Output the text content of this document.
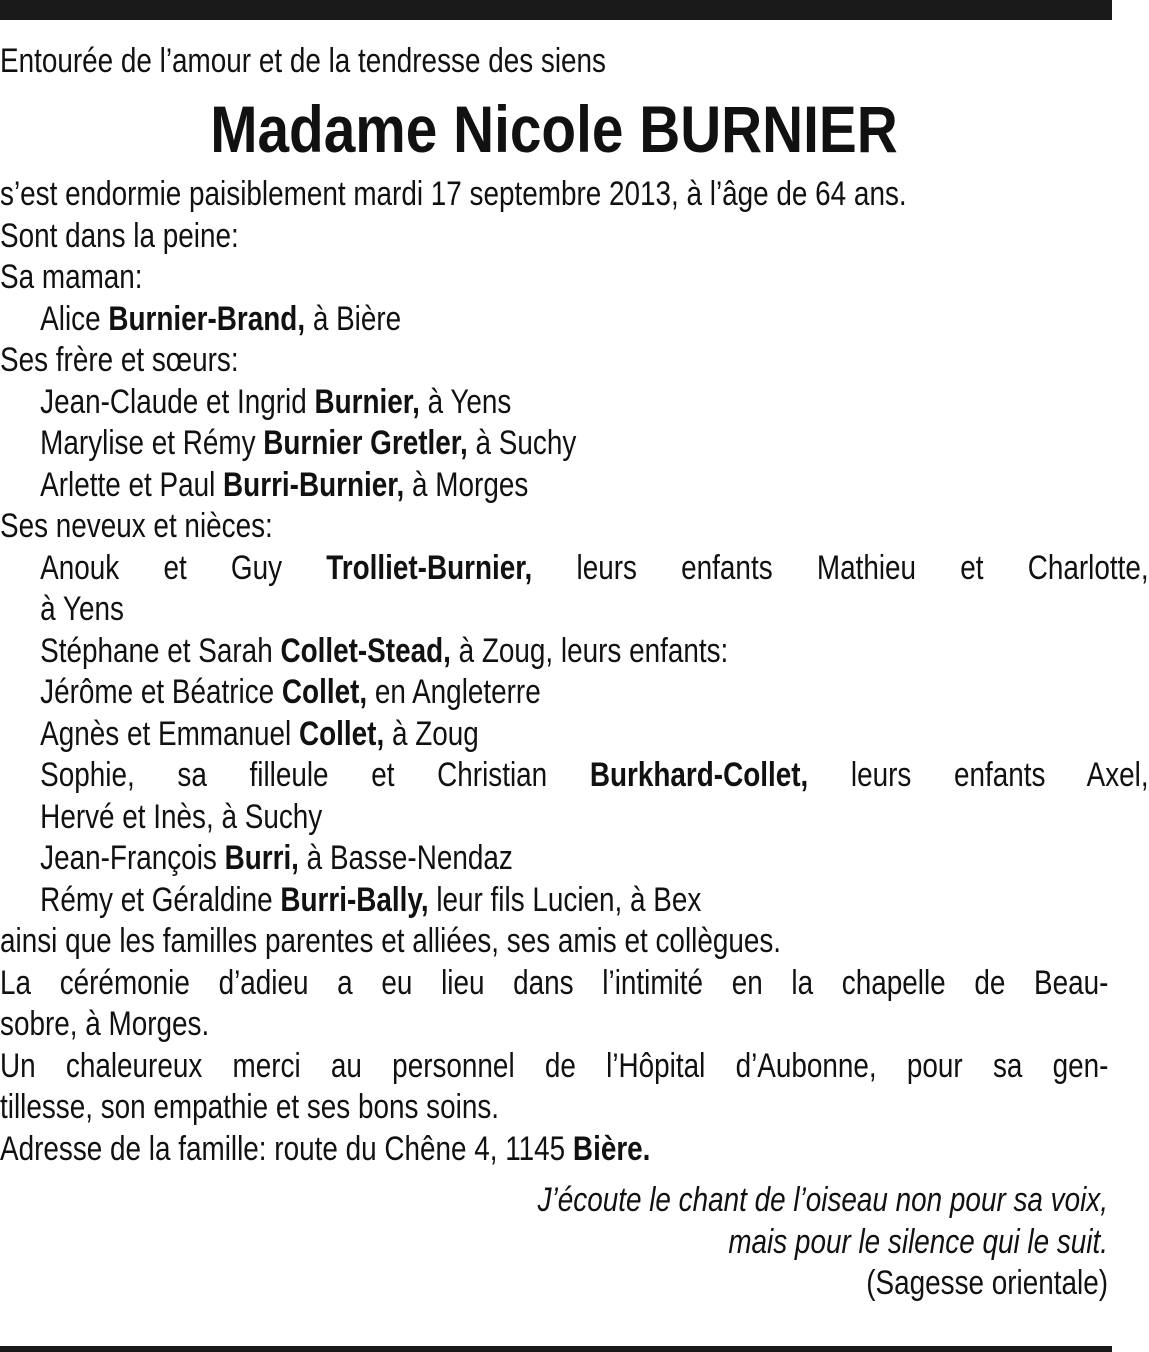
Entourée de l’amour et de la tendresse des siens
Madame Nicole BURNIER
s’est endormie paisiblement mardi 17 septembre 2013, à l’âge de 64 ans.
Sont dans la peine:
Sa maman:
Alice Burnier-Brand, à Bière
Ses frère et sœurs:
Jean-Claude et Ingrid Burnier, à Yens
Marylise et Rémy Burnier Gretler, à Suchy
Arlette et Paul Burri-Burnier, à Morges
Ses neveux et nièces:
Anouk et Guy Trolliet-Burnier, leurs enfants Mathieu et Charlotte,
à Yens
Stéphane et Sarah Collet-Stead, à Zoug, leurs enfants:
Jérôme et Béatrice Collet, en Angleterre
Agnès et Emmanuel Collet, à Zoug
Sophie, sa filleule et Christian Burkhard-Collet, leurs enfants Axel,
Hervé et Inès, à Suchy
Jean-François Burri, à Basse-Nendaz
Rémy et Géraldine Burri-Bally, leur fils Lucien, à Bex
ainsi que les familles parentes et alliées, ses amis et collègues.
La cérémonie d’adieu a eu lieu dans l’intimité en la chapelle de Beau-
sobre, à Morges.
Un chaleureux merci au personnel de l’Hôpital d’Aubonne, pour sa gen-
tillesse, son empathie et ses bons soins.
Adresse de la famille: route du Chêne 4, 1145 Bière.
J’écoute le chant de l’oiseau non pour sa voix,
mais pour le silence qui le suit.
(Sagesse orientale)
